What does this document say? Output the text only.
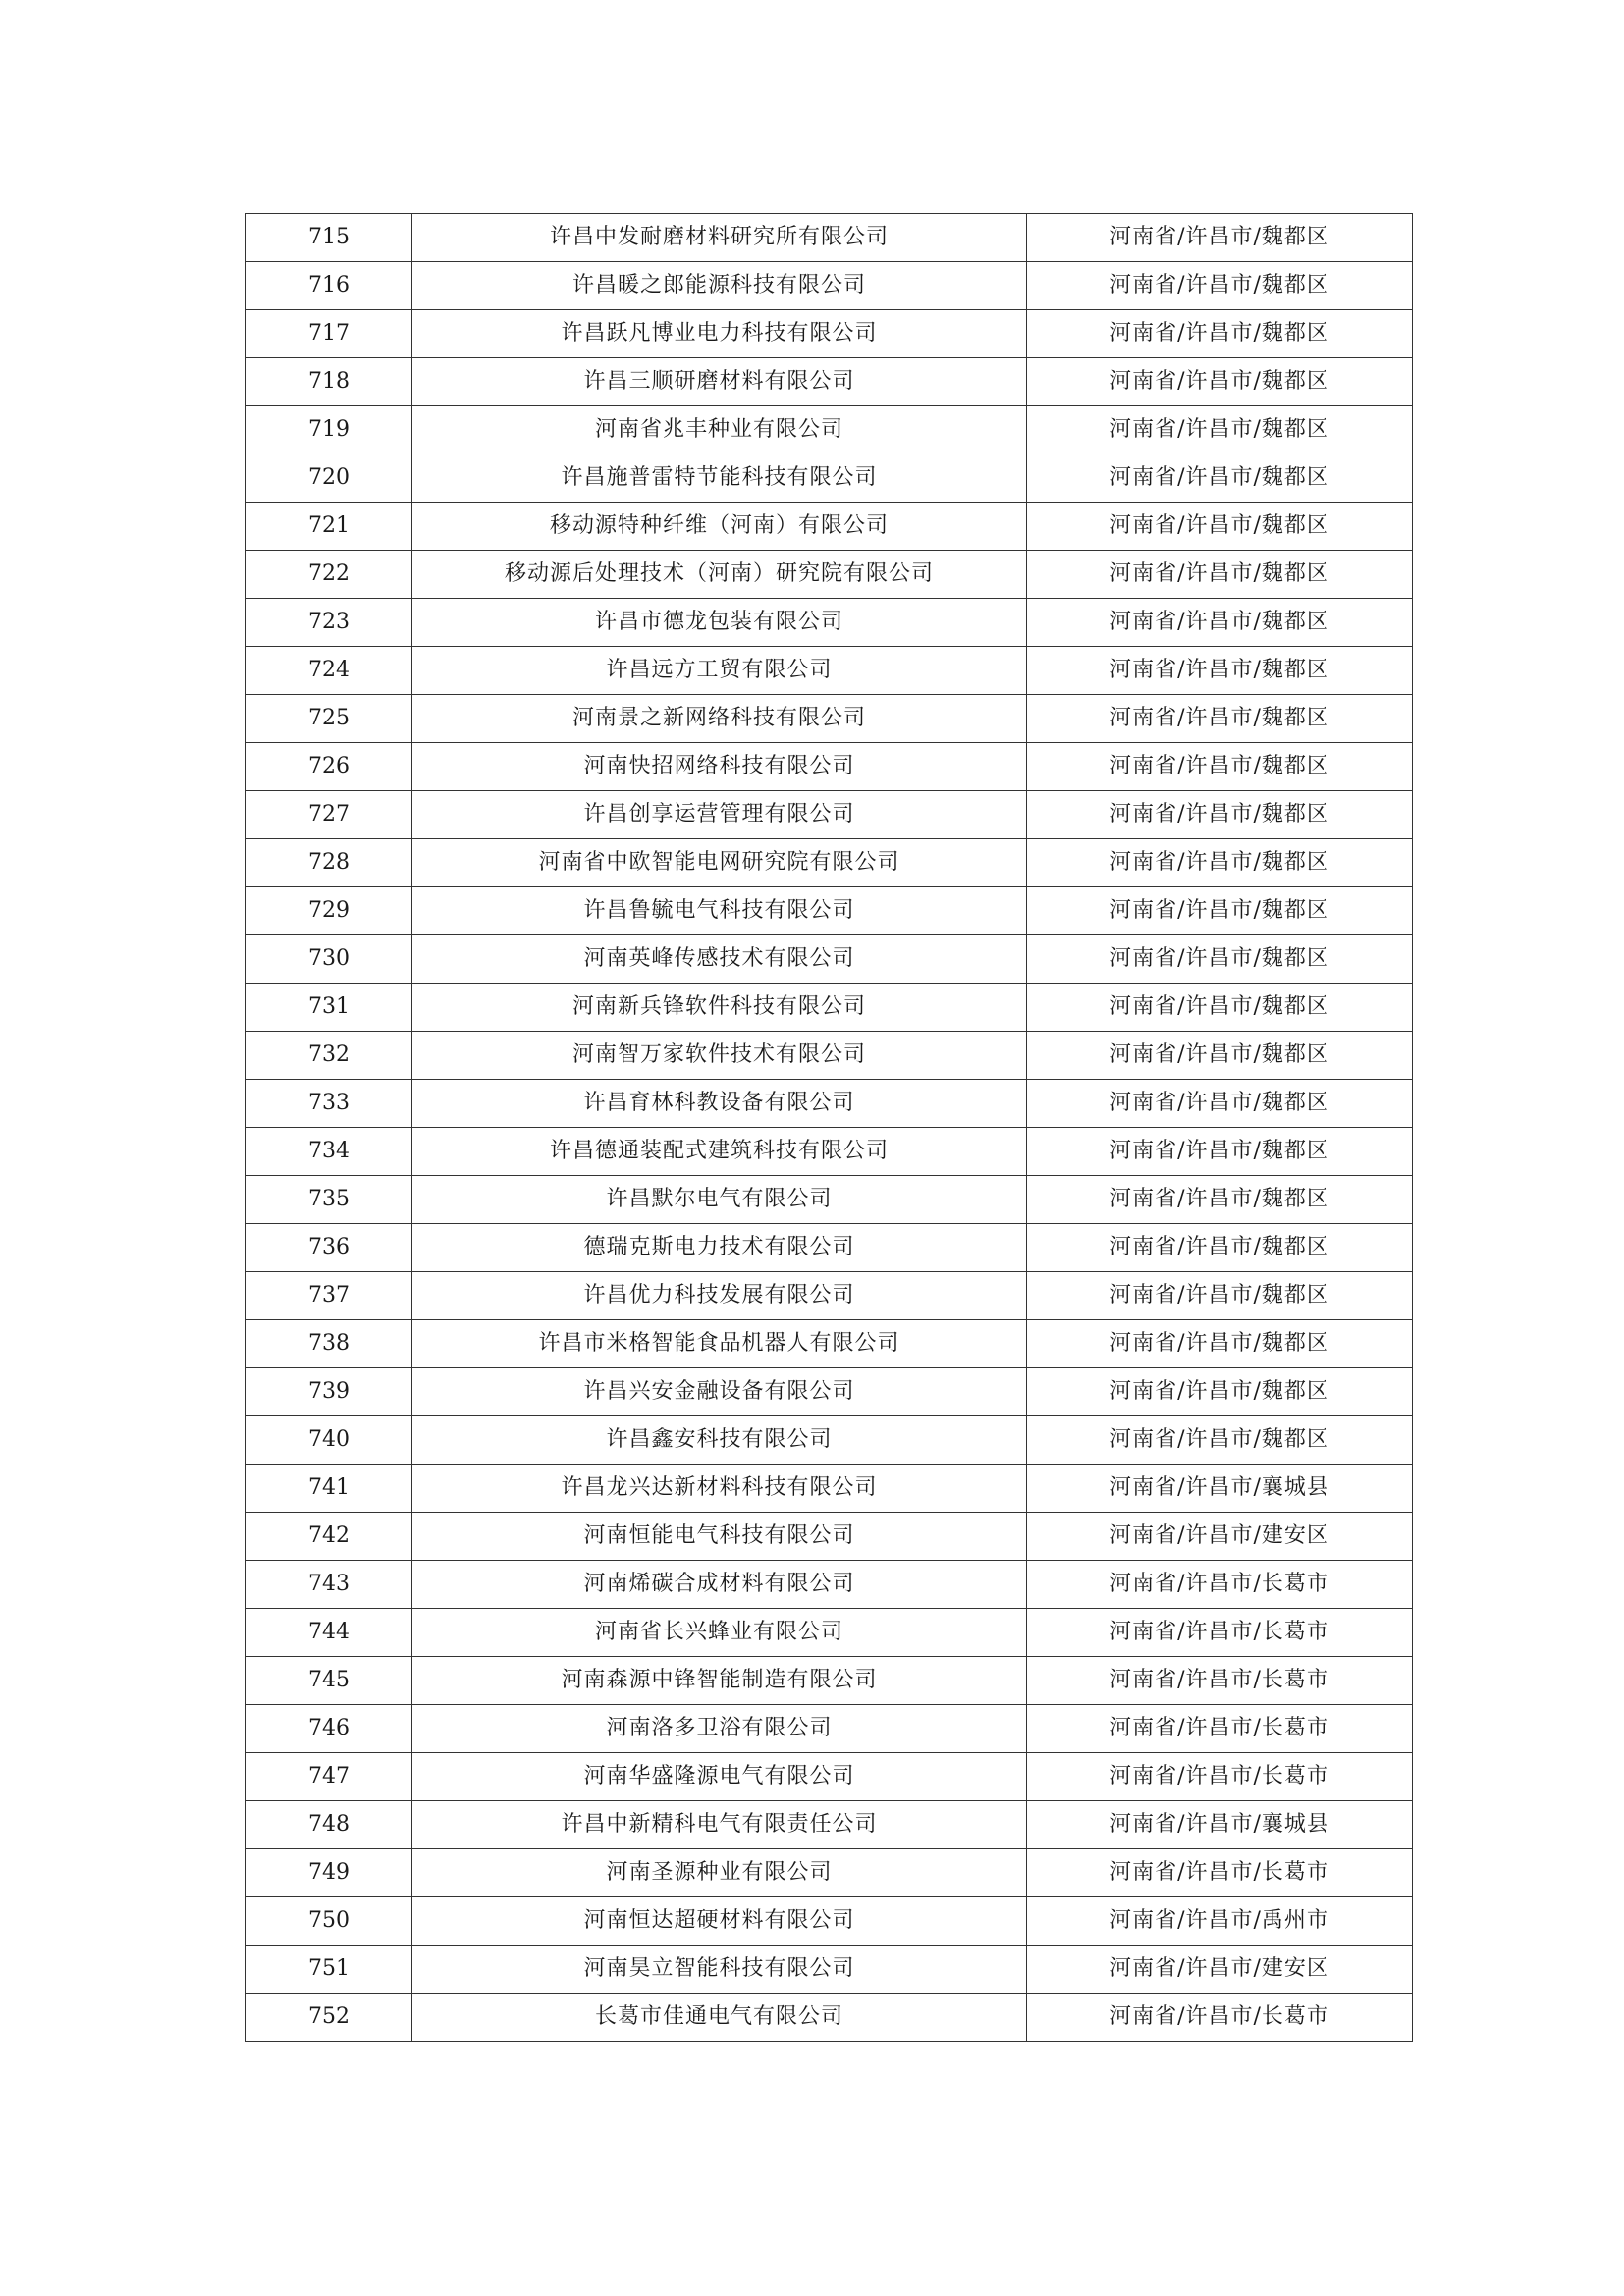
715	许昌中发耐磨材料研究所有限公司	河南省/许昌市/魏都区
716	许昌暖之郎能源科技有限公司	河南省/许昌市/魏都区
717	许昌跃凡博业电力科技有限公司	河南省/许昌市/魏都区
718	许昌三顺研磨材料有限公司	河南省/许昌市/魏都区
719	河南省兆丰种业有限公司	河南省/许昌市/魏都区
720	许昌施普雷特节能科技有限公司	河南省/许昌市/魏都区
721	移动源特种纤维（河南）有限公司	河南省/许昌市/魏都区
722	移动源后处理技术（河南）研究院有限公司	河南省/许昌市/魏都区
723	许昌市德龙包装有限公司	河南省/许昌市/魏都区
724	许昌远方工贸有限公司	河南省/许昌市/魏都区
725	河南景之新网络科技有限公司	河南省/许昌市/魏都区
726	河南快招网络科技有限公司	河南省/许昌市/魏都区
727	许昌创享运营管理有限公司	河南省/许昌市/魏都区
728	河南省中欧智能电网研究院有限公司	河南省/许昌市/魏都区
729	许昌鲁毓电气科技有限公司	河南省/许昌市/魏都区
730	河南英峰传感技术有限公司	河南省/许昌市/魏都区
731	河南新兵锋软件科技有限公司	河南省/许昌市/魏都区
732	河南智万家软件技术有限公司	河南省/许昌市/魏都区
733	许昌育林科教设备有限公司	河南省/许昌市/魏都区
734	许昌德通装配式建筑科技有限公司	河南省/许昌市/魏都区
735	许昌默尔电气有限公司	河南省/许昌市/魏都区
736	德瑞克斯电力技术有限公司	河南省/许昌市/魏都区
737	许昌优力科技发展有限公司	河南省/许昌市/魏都区
738	许昌市米格智能食品机器人有限公司	河南省/许昌市/魏都区
739	许昌兴安金融设备有限公司	河南省/许昌市/魏都区
740	许昌鑫安科技有限公司	河南省/许昌市/魏都区
741	许昌龙兴达新材料科技有限公司	河南省/许昌市/襄城县
742	河南恒能电气科技有限公司	河南省/许昌市/建安区
743	河南烯碳合成材料有限公司	河南省/许昌市/长葛市
744	河南省长兴蜂业有限公司	河南省/许昌市/长葛市
745	河南森源中锋智能制造有限公司	河南省/许昌市/长葛市
746	河南洛多卫浴有限公司	河南省/许昌市/长葛市
747	河南华盛隆源电气有限公司	河南省/许昌市/长葛市
748	许昌中新精科电气有限责任公司	河南省/许昌市/襄城县
749	河南圣源种业有限公司	河南省/许昌市/长葛市
750	河南恒达超硬材料有限公司	河南省/许昌市/禹州市
751	河南昊立智能科技有限公司	河南省/许昌市/建安区
752	长葛市佳通电气有限公司	河南省/许昌市/长葛市
